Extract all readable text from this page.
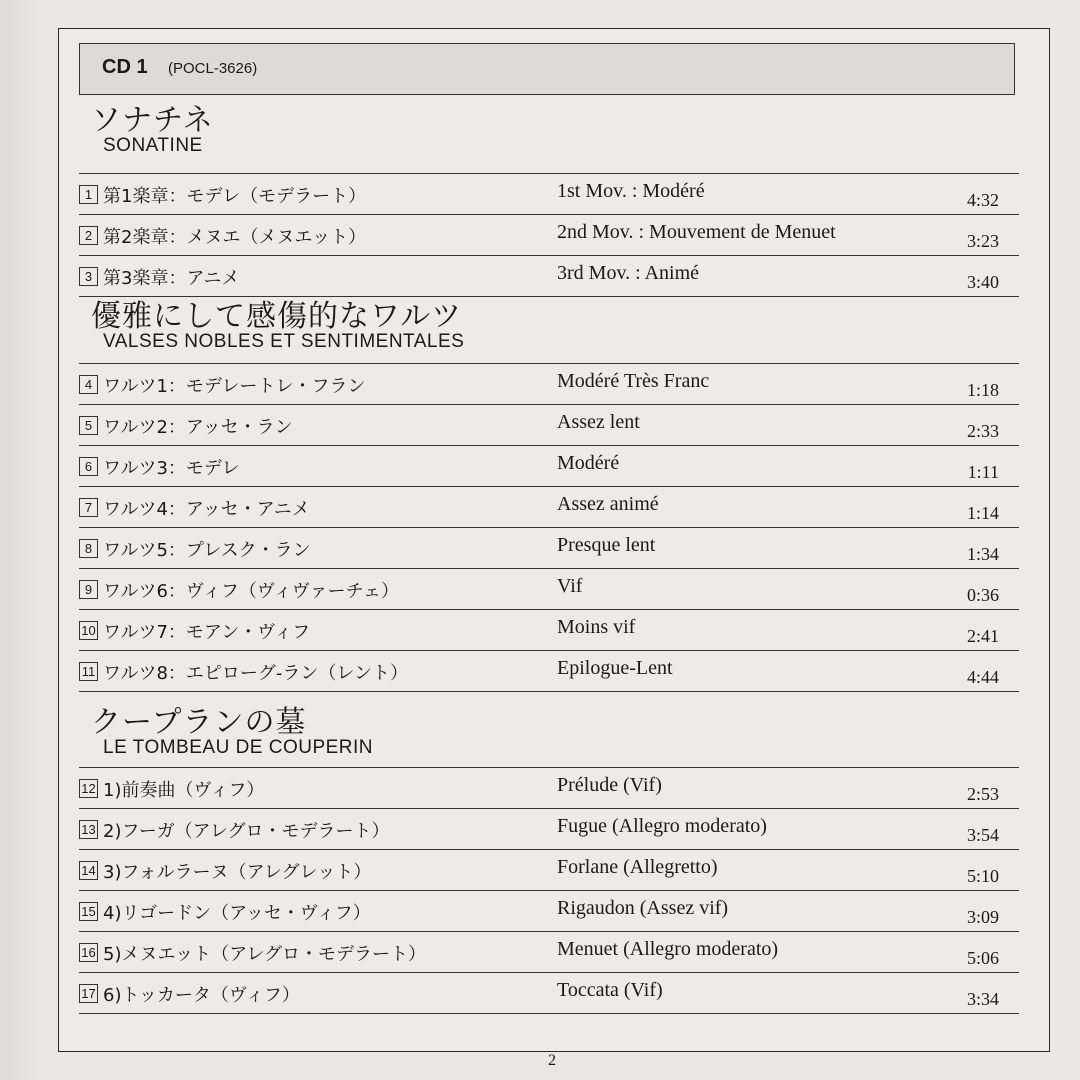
CD 1 (POCL-3626)
ソナチネ
SONATINE
1 第1楽章：モデレ（モデラート）	1st Mov. : Modéré	4:32
2 第2楽章：メヌエ（メヌエット）	2nd Mov. : Mouvement de Menuet	3:23
3 第3楽章：アニメ	3rd Mov. : Animé	3:40
優雅にして感傷的なワルツ
VALSES NOBLES ET SENTIMENTALES
4 ワルツ1：モデレートレ・フラン	Modéré Très Franc	1:18
5 ワルツ2：アッセ・ラン	Assez lent	2:33
6 ワルツ3：モデレ	Modéré	1:11
7 ワルツ4：アッセ・アニメ	Assez animé	1:14
8 ワルツ5：プレスク・ラン	Presque lent	1:34
9 ワルツ6：ヴィフ（ヴィヴァーチェ）	Vif	0:36
10 ワルツ7：モアン・ヴィフ	Moins vif	2:41
11 ワルツ8：エピローグ-ラン（レント）	Epilogue-Lent	4:44
クープランの墓
LE TOMBEAU DE COUPERIN
12 1)前奏曲（ヴィフ）	Prélude (Vif)	2:53
13 2)フーガ（アレグロ・モデラート）	Fugue (Allegro moderato)	3:54
14 3)フォルラーヌ（アレグレット）	Forlane (Allegretto)	5:10
15 4)リゴードン（アッセ・ヴィフ）	Rigaudon (Assez vif)	3:09
16 5)メヌエット（アレグロ・モデラート）	Menuet (Allegro moderato)	5:06
17 6)トッカータ（ヴィフ）	Toccata (Vif)	3:34
2
